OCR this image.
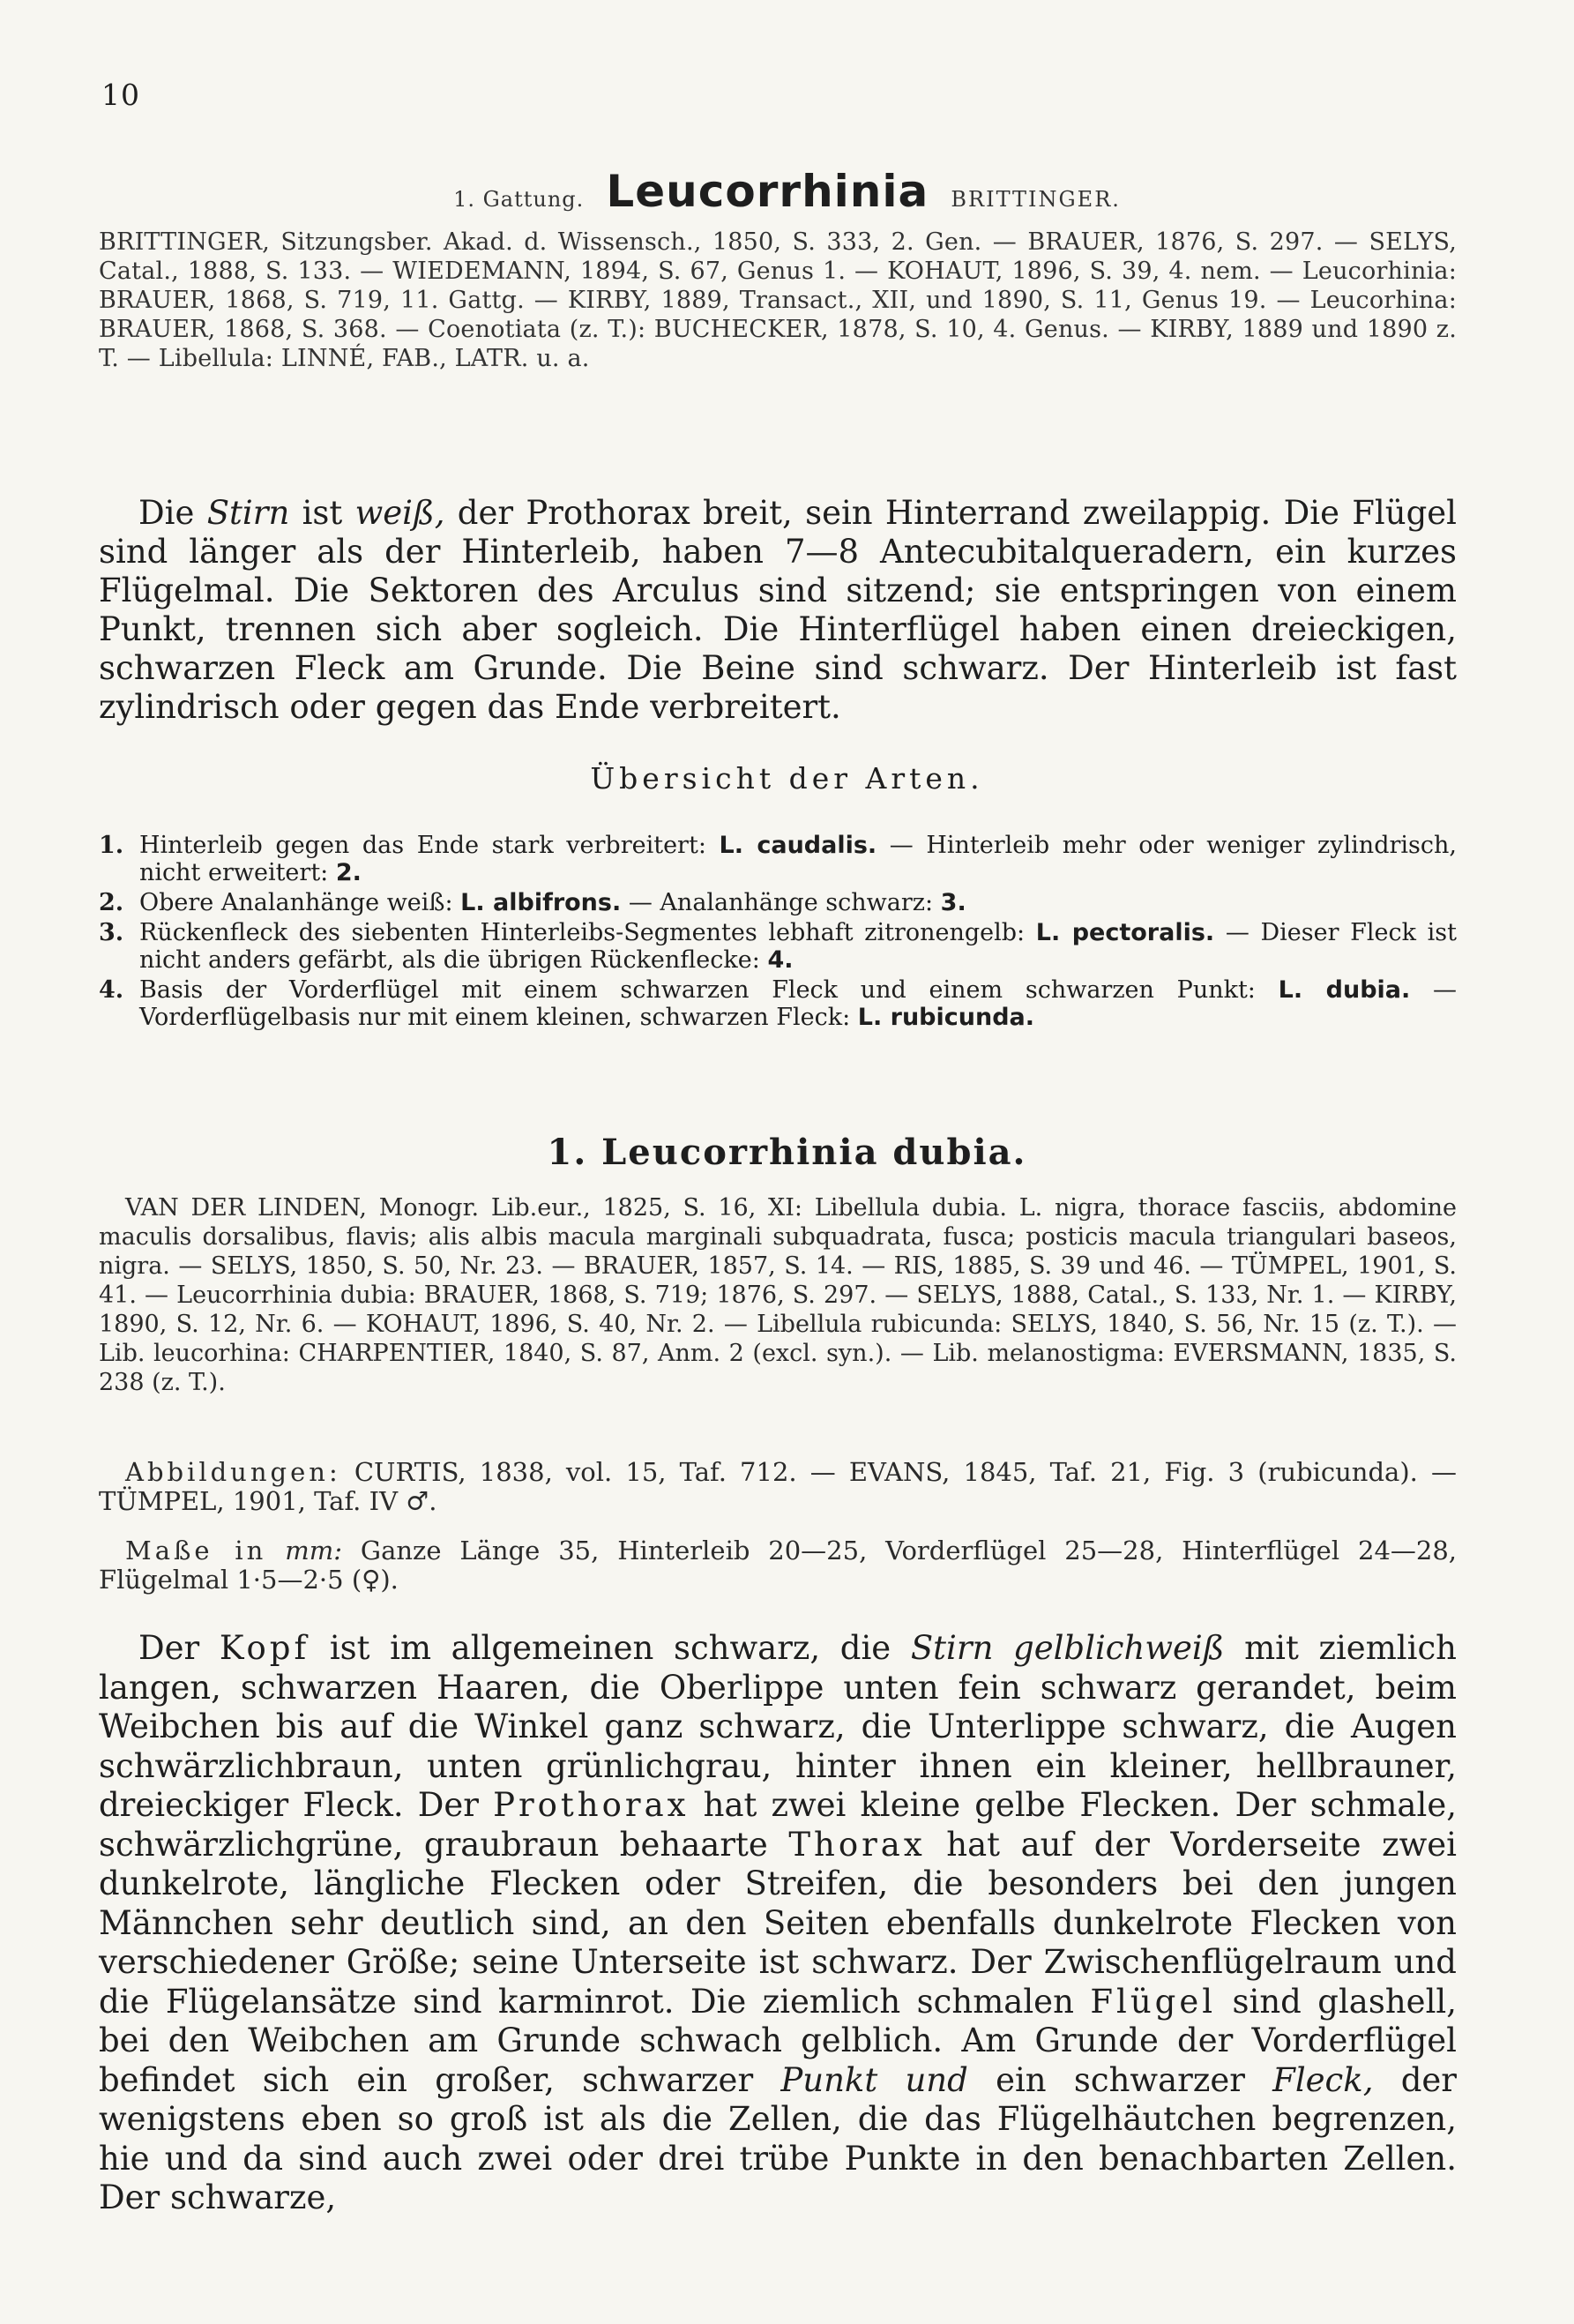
10
1. Gattung. Leucorrhinia BRITTINGER.
BRITTINGER, Sitzungsber. Akad. d. Wissensch., 1850, S. 333, 2. Gen. — BRAUER, 1876, S. 297. — SELYS, Catal., 1888, S. 133. — WIEDEMANN, 1894, S. 67, Genus 1. — KOHAUT, 1896, S. 39, 4. nem. — Leucorhinia: BRAUER, 1868, S. 719, 11. Gattg. — KIRBY, 1889, Transact., XII, und 1890, S. 11, Genus 19. — Leucorhina: BRAUER, 1868, S. 368. — Coenotiata (z. T.): BUCHECKER, 1878, S. 10, 4. Genus. — KIRBY, 1889 und 1890 z. T. — Libellula: LINNÉ, FAB., LATR. u. a.
Die Stirn ist weiß, der Prothorax breit, sein Hinterrand zweilappig. Die Flügel sind länger als der Hinterleib, haben 7—8 Antecubitalqueradern, ein kurzes Flügelmal. Die Sektoren des Arculus sind sitzend; sie entspringen von einem Punkt, trennen sich aber sogleich. Die Hinterflügel haben einen dreieckigen, schwarzen Fleck am Grunde. Die Beine sind schwarz. Der Hinterleib ist fast zylindrisch oder gegen das Ende verbreitert.
Übersicht der Arten.
1. Hinterleib gegen das Ende stark verbreitert: L. caudalis. — Hinterleib mehr oder weniger zylindrisch, nicht erweitert: 2.
2. Obere Analanhänge weiß: L. albifrons. — Analanhänge schwarz: 3.
3. Rückenfleck des siebenten Hinterleibs-Segmentes lebhaft zitronengelb: L. pectoralis. — Dieser Fleck ist nicht anders gefärbt, als die übrigen Rückenflecke: 4.
4. Basis der Vorderflügel mit einem schwarzen Fleck und einem schwarzen Punkt: L. dubia. — Vorderflügelbasis nur mit einem kleinen, schwarzen Fleck: L. rubicunda.
1. Leucorrhinia dubia.
VAN DER LINDEN, Monogr. Lib.eur., 1825, S. 16, XI: Libellula dubia. L. nigra, thorace fasciis, abdomine maculis dorsalibus, flavis; alis albis macula marginali subquadrata, fusca; posticis macula triangulari baseos, nigra. — SELYS, 1850, S. 50, Nr. 23. — BRAUER, 1857, S. 14. — RIS, 1885, S. 39 und 46. — TÜMPEL, 1901, S. 41. — Leucorrhinia dubia: BRAUER, 1868, S. 719; 1876, S. 297. — SELYS, 1888, Catal., S. 133, Nr. 1. — KIRBY, 1890, S. 12, Nr. 6. — KOHAUT, 1896, S. 40, Nr. 2. — Libellula rubicunda: SELYS, 1840, S. 56, Nr. 15 (z. T.). — Lib. leucorhina: CHARPENTIER, 1840, S. 87, Anm. 2 (excl. syn.). — Lib. melanostigma: EVERSMANN, 1835, S. 238 (z. T.).
Abbildungen: CURTIS, 1838, vol. 15, Taf. 712. — EVANS, 1845, Taf. 21, Fig. 3 (rubicunda). — TÜMPEL, 1901, Taf. IV ♂.
Maße in mm: Ganze Länge 35, Hinterleib 20—25, Vorderflügel 25—28, Hinterflügel 24—28, Flügelmal 1·5—2·5 (♀).
Der Kopf ist im allgemeinen schwarz, die Stirn gelblichweiß mit ziemlich langen, schwarzen Haaren, die Oberlippe unten fein schwarz gerandet, beim Weibchen bis auf die Winkel ganz schwarz, die Unterlippe schwarz, die Augen schwärzlichbraun, unten grünlichgrau, hinter ihnen ein kleiner, hellbrauner, dreieckiger Fleck. Der Prothorax hat zwei kleine gelbe Flecken. Der schmale, schwärzlichgrüne, graubraun behaarte Thorax hat auf der Vorderseite zwei dunkelrote, längliche Flecken oder Streifen, die besonders bei den jungen Männchen sehr deutlich sind, an den Seiten ebenfalls dunkelrote Flecken von verschiedener Größe; seine Unterseite ist schwarz. Der Zwischenflügelraum und die Flügelansätze sind karminrot. Die ziemlich schmalen Flügel sind glashell, bei den Weibchen am Grunde schwach gelblich. Am Grunde der Vorderflügel befindet sich ein großer, schwarzer Punkt und ein schwarzer Fleck, der wenigstens eben so groß ist als die Zellen, die das Flügelhäutchen begrenzen, hie und da sind auch zwei oder drei trübe Punkte in den benachbarten Zellen. Der schwarze,
